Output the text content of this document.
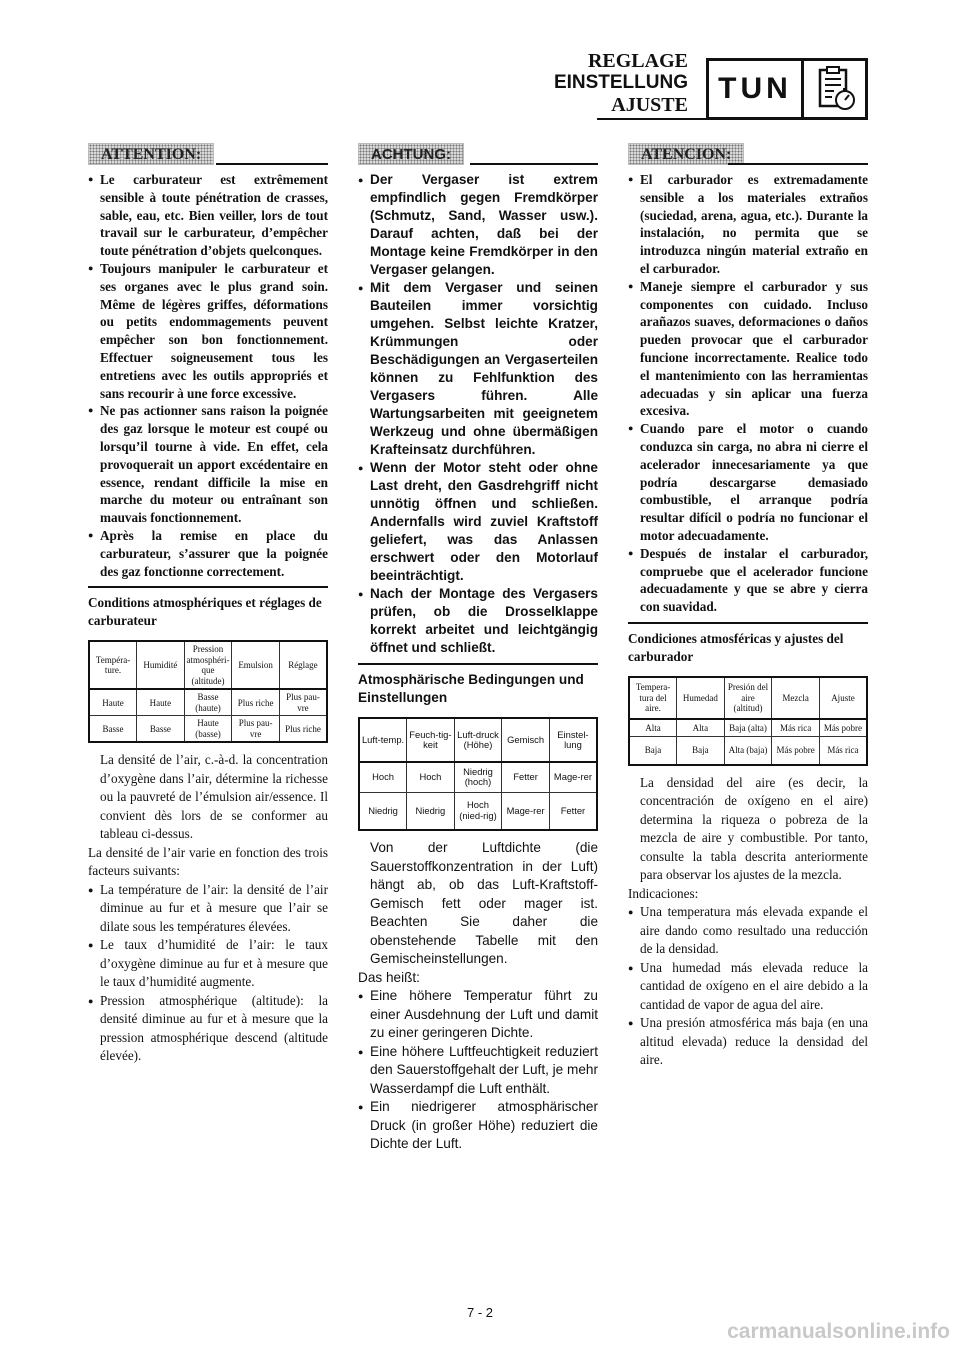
REGLAGE
EINSTELLUNG
AJUSTE	TUN
ATTENTION:
● Le carburateur est extrêmement sensible à toute pénétration de crasses, sable, eau, etc. Bien veiller, lors de tout travail sur le carburateur, d’empêcher toute pénétration d’objets quelconques.
● Toujours manipuler le carburateur et ses organes avec le plus grand soin. Même de légères griffes, déformations ou petits endommagements peuvent empêcher son bon fonctionnement. Effectuer soigneusement tous les entretiens avec les outils appropriés et sans recourir à une force excessive.
● Ne pas actionner sans raison la poignée des gaz lorsque le moteur est coupé ou lorsqu’il tourne à vide. En effet, cela provoquerait un apport excédentaire en essence, rendant difficile la mise en marche du moteur ou entraînant son mauvais fonctionnement.
● Après la remise en place du carburateur, s’assurer que la poignée des gaz fonctionne correctement.
Conditions atmosphériques et réglages de carburateur
Tempéra-ture.	Humidité	Pression atmosphéri-que (altitude)	Emulsion	Réglage
Haute	Haute	Basse (haute)	Plus riche	Plus pau-vre
Basse	Basse	Haute (basse)	Plus pau-vre	Plus riche
La densité de l’air, c.-à-d. la concentration d’oxygène dans l’air, détermine la richesse ou la pauvreté de l’émulsion air/essence. Il convient dès lors de se conformer au tableau ci-dessus.
La densité de l’air varie en fonction des trois facteurs suivants:
● La température de l’air: la densité de l’air diminue au fur et à mesure que l’air se dilate sous les températures élevées.
● Le taux d’humidité de l’air: le taux d’oxygène diminue au fur et à mesure que le taux d’humidité augmente.
● Pression atmosphérique (altitude): la densité diminue au fur et à mesure que la pression atmosphérique descend (altitude élevée).
ACHTUNG:
● Der Vergaser ist extrem empfindlich gegen Fremdkörper (Schmutz, Sand, Wasser usw.). Darauf achten, daß bei der Montage keine Fremdkörper in den Vergaser gelangen.
● Mit dem Vergaser und seinen Bauteilen immer vorsichtig umgehen. Selbst leichte Kratzer, Krümmungen oder Beschädigungen an Vergaserteilen können zu Fehlfunktion des Vergasers führen. Alle Wartungsarbeiten mit geeignetem Werkzeug und ohne übermäßigen Krafteinsatz durchführen.
● Wenn der Motor steht oder ohne Last dreht, den Gasdrehgriff nicht unnötig öffnen und schließen. Andernfalls wird zuviel Kraftstoff geliefert, was das Anlassen erschwert oder den Motorlauf beeinträchtigt.
● Nach der Montage des Vergasers prüfen, ob die Drosselklappe korrekt arbeitet und leichtgängig öffnet und schließt.
Atmosphärische Bedingungen und Einstellungen
Luft-temp.	Feuch-tig-keit	Luft-druck (Höhe)	Gemisch	Einstel-lung
Hoch	Hoch	Niedrig (hoch)	Fetter	Mage-rer
Niedrig	Niedrig	Hoch (nied-rig)	Mage-rer	Fetter
Von der Luftdichte (die Sauerstoffkonzentration in der Luft) hängt ab, ob das Luft-Kraftstoff-Gemisch fett oder mager ist. Beachten Sie daher die obenstehende Tabelle mit den Gemischeinstellungen.
Das heißt:
● Eine höhere Temperatur führt zu einer Ausdehnung der Luft und damit zu einer geringeren Dichte.
● Eine höhere Luftfeuchtigkeit reduziert den Sauerstoffgehalt der Luft, je mehr Wasserdampf die Luft enthält.
● Ein niedrigerer atmosphärischer Druck (in großer Höhe) reduziert die Dichte der Luft.
ATENCION:
● El carburador es extremadamente sensible a los materiales extraños (suciedad, arena, agua, etc.). Durante la instalación, no permita que se introduzca ningún material extraño en el carburador.
● Maneje siempre el carburador y sus componentes con cuidado. Incluso arañazos suaves, deformaciones o daños pueden provocar que el carburador funcione incorrectamente. Realice todo el mantenimiento con las herramientas adecuadas y sin aplicar una fuerza excesiva.
● Cuando pare el motor o cuando conduzca sin carga, no abra ni cierre el acelerador innecesariamente ya que podría descargarse demasiado combustible, el arranque podría resultar difícil o podría no funcionar el motor adecuadamente.
● Después de instalar el carburador, compruebe que el acelerador funcione adecuadamente y que se abre y cierra con suavidad.
Condiciones atmosféricas y ajustes del carburador
Tempera-tura del aire.	Humedad	Presión del aire (altitud)	Mezcla	Ajuste
Alta	Alta	Baja (alta)	Más rica	Más pobre
Baja	Baja	Alta (baja)	Más pobre	Más rica
La densidad del aire (es decir, la concentración de oxígeno en el aire) determina la riqueza o pobreza de la mezcla de aire y combustible. Por tanto, consulte la tabla descrita anteriormente para observar los ajustes de la mezcla.
Indicaciones:
● Una temperatura más elevada expande el aire dando como resultado una reducción de la densidad.
● Una humedad más elevada reduce la cantidad de oxígeno en el aire debido a la cantidad de vapor de agua del aire.
● Una presión atmosférica más baja (en una altitud elevada) reduce la densidad del aire.
7 - 2
carmanualsonline.info
